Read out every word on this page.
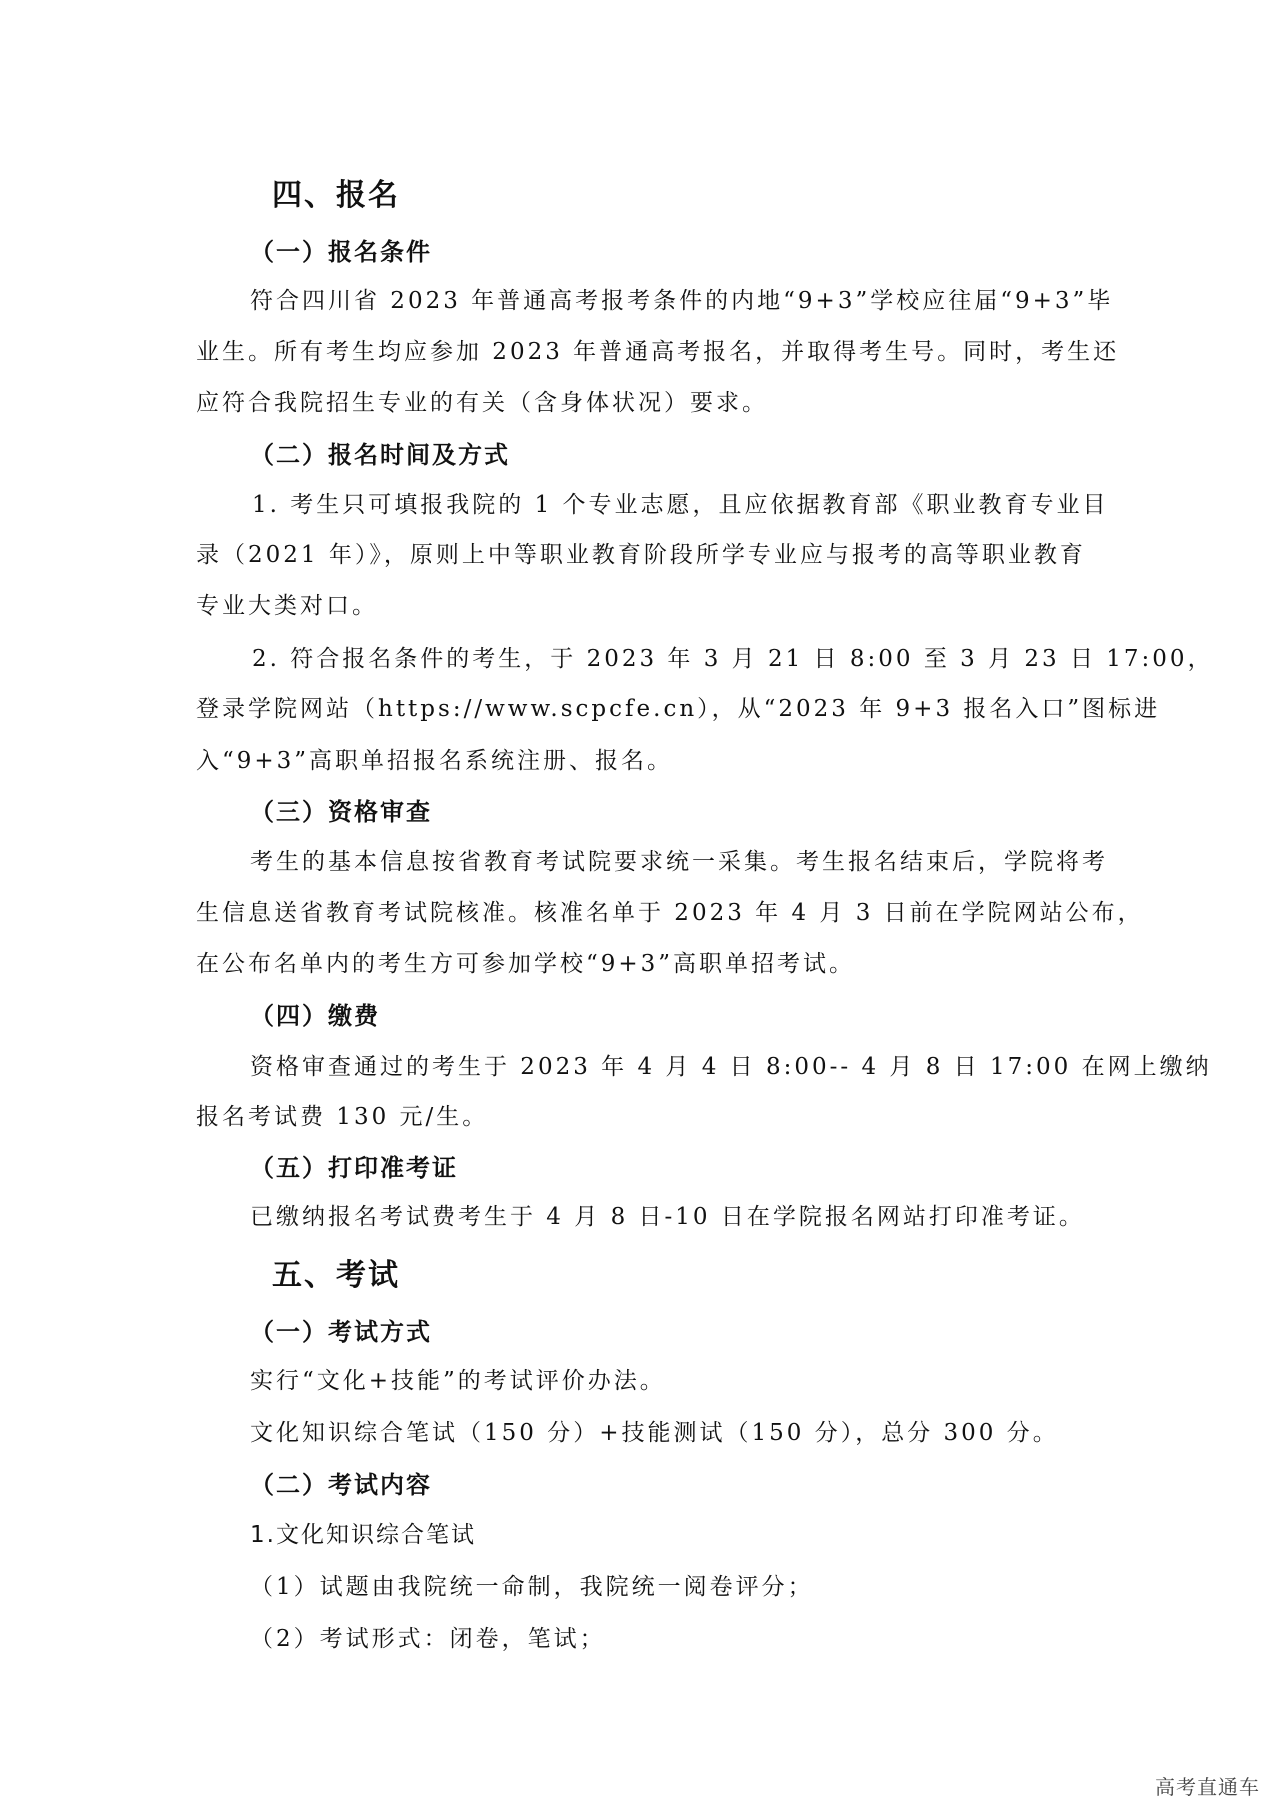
四、报名
（一）报名条件
符合四川省 2023 年普通高考报考条件的内地“9+3”学校应往届“9+3”毕
业生。所有考生均应参加 2023 年普通高考报名，并取得考生号。同时，考生还
应符合我院招生专业的有关（含身体状况）要求。
（二）报名时间及方式
1. 考生只可填报我院的 1 个专业志愿，且应依据教育部《职业教育专业目
录（2021 年）》，原则上中等职业教育阶段所学专业应与报考的高等职业教育
专业大类对口。
2. 符合报名条件的考生，于 2023 年 3 月 21 日 8:00 至 3 月 23 日 17:00，
登录学院网站（https://www.scpcfe.cn），从“2023 年 9+3 报名入口”图标进
入“9+3”高职单招报名系统注册、报名。
（三）资格审查
考生的基本信息按省教育考试院要求统一采集。考生报名结束后，学院将考
生信息送省教育考试院核准。核准名单于 2023 年 4 月 3 日前在学院网站公布，
在公布名单内的考生方可参加学校“9+3”高职单招考试。
（四）缴费
资格审查通过的考生于 2023 年 4 月 4 日 8:00-- 4 月 8 日 17:00 在网上缴纳
报名考试费 130 元/生。
（五）打印准考证
已缴纳报名考试费考生于 4 月 8 日-10 日在学院报名网站打印准考证。
五、考试
（一）考试方式
实行“文化+技能”的考试评价办法。
文化知识综合笔试（150 分）+技能测试（150 分），总分 300 分。
（二）考试内容
1.文化知识综合笔试
（1）试题由我院统一命制，我院统一阅卷评分；
（2）考试形式：闭卷，笔试；
高考直通车
